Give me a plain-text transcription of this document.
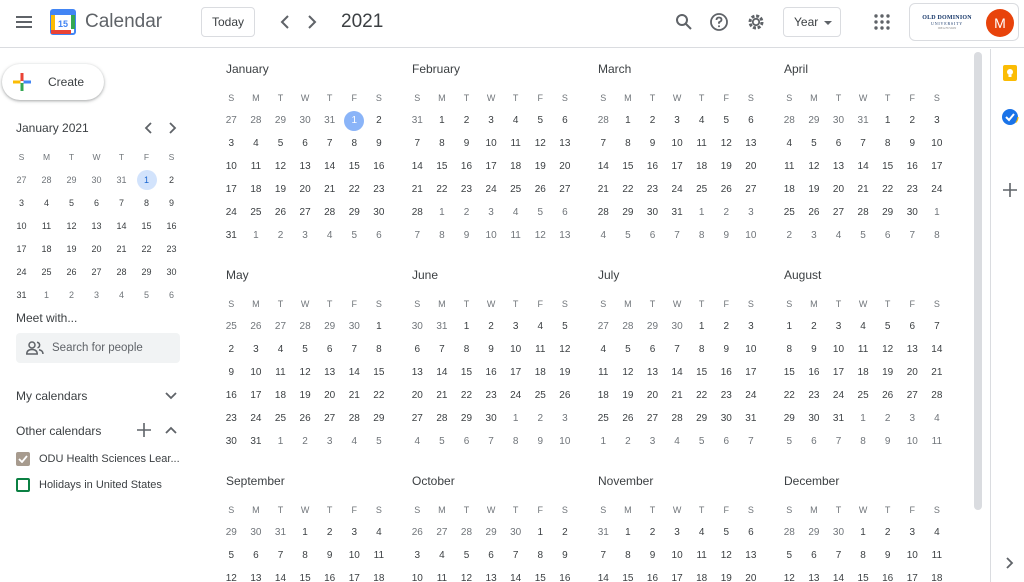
15 Calendar	Today	2021	Year	OLD DOMINION
UNIVERSITY
IDEA FUSION	M
Create
January 2021
S	M	T	W	T	F	S
27	28	29	30	31	1	2
3	4	5	6	7	8	9
10	11	12	13	14	15	16
17	18	19	20	21	22	23
24	25	26	27	28	29	30
31	1	2	3	4	5	6
Meet with...
Search for people
My calendars
Other calendars
ODU Health Sciences Lear...
Holidays in United States
January
S	M	T	W	T	F	S
27	28	29	30	31	1	2
3	4	5	6	7	8	9
10	11	12	13	14	15	16
17	18	19	20	21	22	23
24	25	26	27	28	29	30
31	1	2	3	4	5	6
February
S	M	T	W	T	F	S
31	1	2	3	4	5	6
7	8	9	10	11	12	13
14	15	16	17	18	19	20
21	22	23	24	25	26	27
28	1	2	3	4	5	6
7	8	9	10	11	12	13
March
S	M	T	W	T	F	S
28	1	2	3	4	5	6
7	8	9	10	11	12	13
14	15	16	17	18	19	20
21	22	23	24	25	26	27
28	29	30	31	1	2	3
4	5	6	7	8	9	10
April
S	M	T	W	T	F	S
28	29	30	31	1	2	3
4	5	6	7	8	9	10
11	12	13	14	15	16	17
18	19	20	21	22	23	24
25	26	27	28	29	30	1
2	3	4	5	6	7	8
May
S	M	T	W	T	F	S
25	26	27	28	29	30	1
2	3	4	5	6	7	8
9	10	11	12	13	14	15
16	17	18	19	20	21	22
23	24	25	26	27	28	29
30	31	1	2	3	4	5
June
S	M	T	W	T	F	S
30	31	1	2	3	4	5
6	7	8	9	10	11	12
13	14	15	16	17	18	19
20	21	22	23	24	25	26
27	28	29	30	1	2	3
4	5	6	7	8	9	10
July
S	M	T	W	T	F	S
27	28	29	30	1	2	3
4	5	6	7	8	9	10
11	12	13	14	15	16	17
18	19	20	21	22	23	24
25	26	27	28	29	30	31
1	2	3	4	5	6	7
August
S	M	T	W	T	F	S
1	2	3	4	5	6	7
8	9	10	11	12	13	14
15	16	17	18	19	20	21
22	23	24	25	26	27	28
29	30	31	1	2	3	4
5	6	7	8	9	10	11
September
S	M	T	W	T	F	S
29	30	31	1	2	3	4
5	6	7	8	9	10	11
12	13	14	15	16	17	18
October
S	M	T	W	T	F	S
26	27	28	29	30	1	2
3	4	5	6	7	8	9
10	11	12	13	14	15	16
November
S	M	T	W	T	F	S
31	1	2	3	4	5	6
7	8	9	10	11	12	13
14	15	16	17	18	19	20
December
S	M	T	W	T	F	S
28	29	30	1	2	3	4
5	6	7	8	9	10	11
12	13	14	15	16	17	18
